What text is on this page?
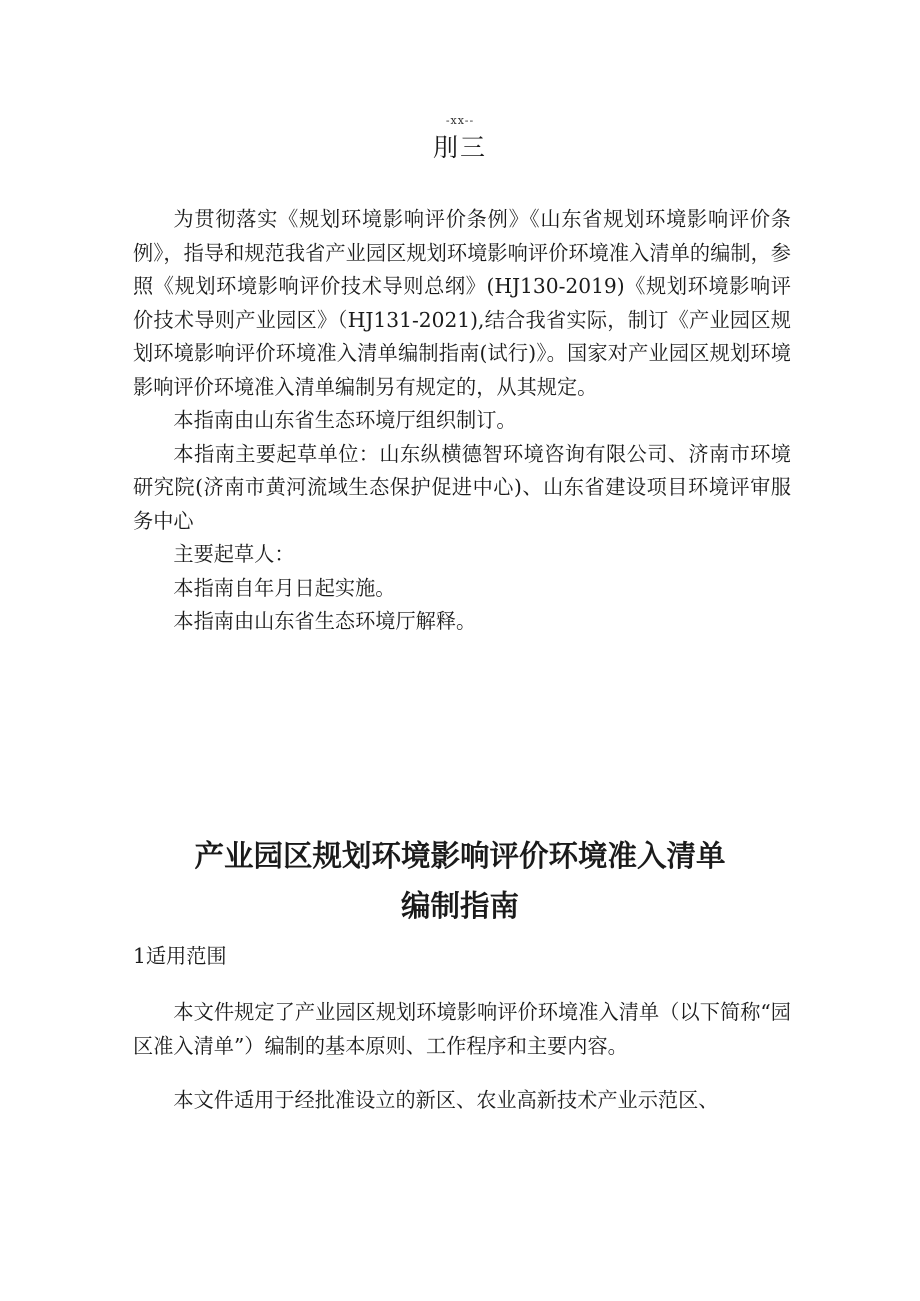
-xx--
刖三

为贯彻落实《规划环境影响评价条例》《山东省规划环境影响评价条例》，指导和规范我省产业园区规划环境影响评价环境准入清单的编制，参照《规划环境影响评价技术导则总纲》(HJ130-2019)《规划环境影响评价技术导则产业园区》（HJ131-2021),结合我省实际，制订《产业园区规划环境影响评价环境准入清单编制指南(试行)》。国家对产业园区规划环境影响评价环境准入清单编制另有规定的，从其规定。

本指南由山东省生态环境厅组织制订。

本指南主要起草单位：山东纵横德智环境咨询有限公司、济南市环境研究院(济南市黄河流域生态保护促进中心)、山东省建设项目环境评审服务中心

主要起草人：

本指南自年月日起实施。

本指南由山东省生态环境厅解释。

产业园区规划环境影响评价环境准入清单
编制指南
1适用范围

本文件规定了产业园区规划环境影响评价环境准入清单（以下简称“园区准入清单”）编制的基本原则、工作程序和主要内容。

本文件适用于经批准设立的新区、农业高新技术产业示范区、
